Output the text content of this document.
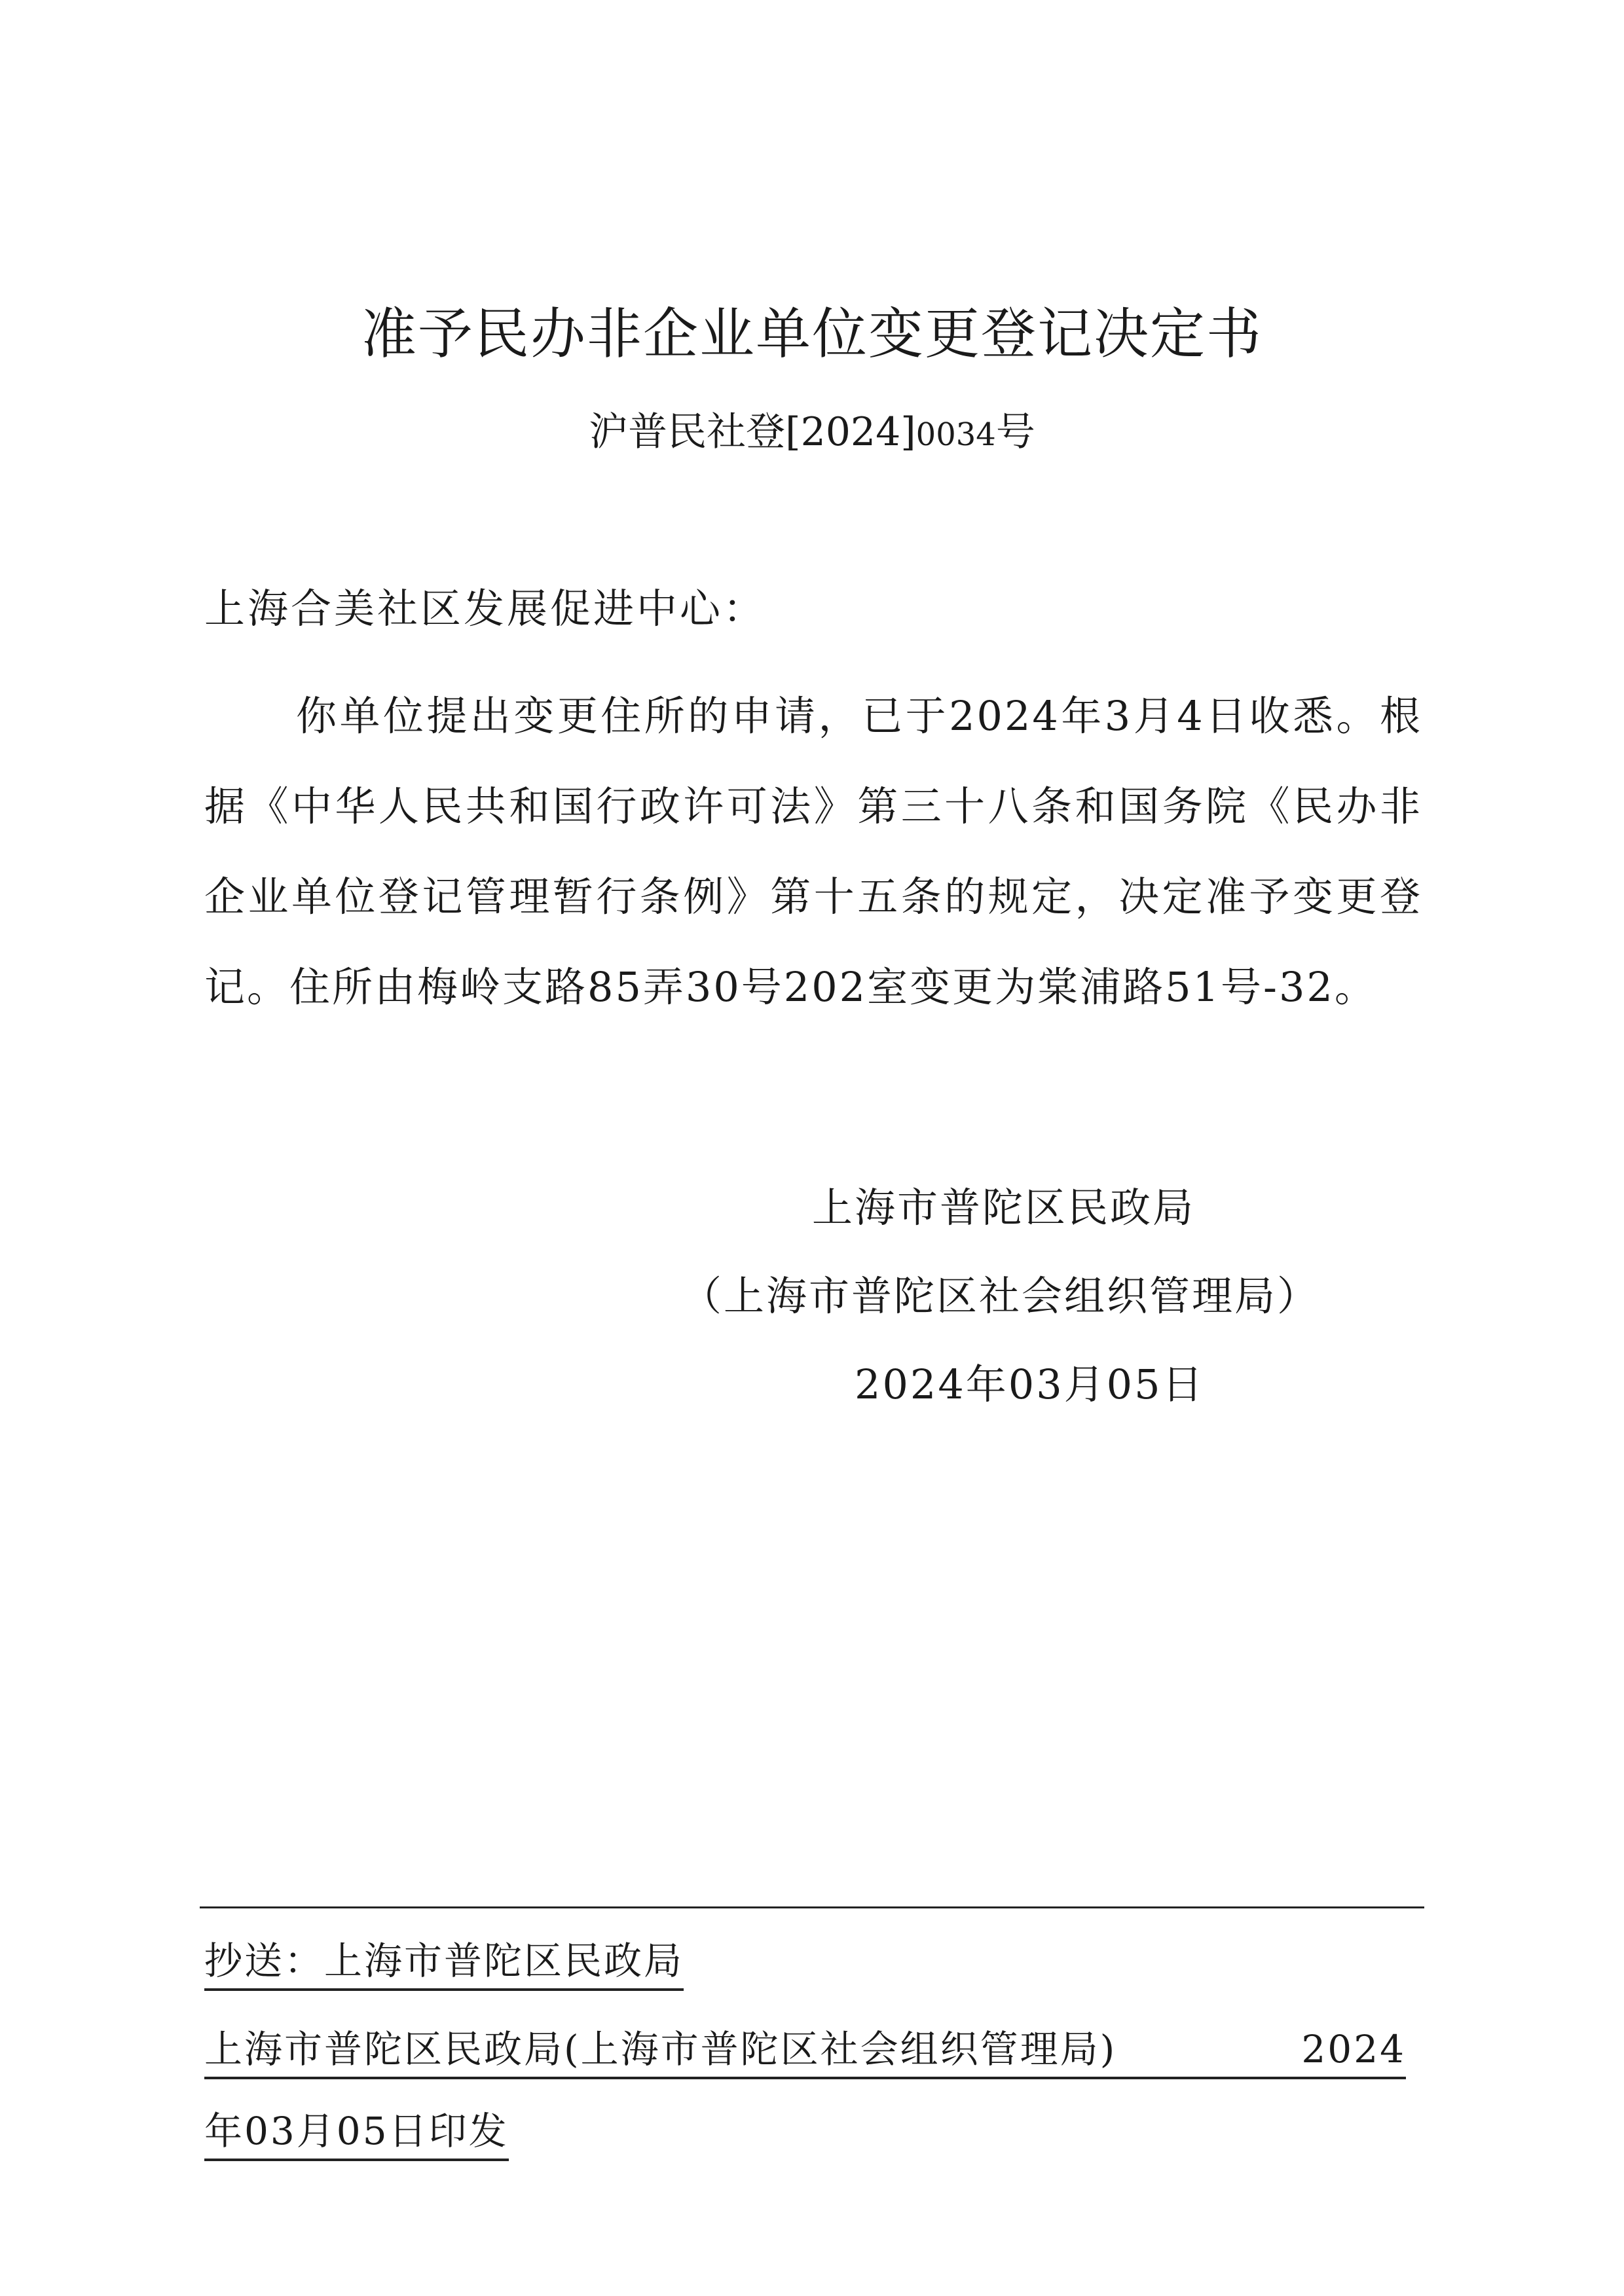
准予民办非企业单位变更登记决定书
沪普民社登[2024]0034号
上海合美社区发展促进中心：

你单位提出变更住所的申请，已于2024年3月4日收悉。根据《中华人民共和国行政许可法》第三十八条和国务院《民办非企业单位登记管理暂行条例》第十五条的规定，决定准予变更登记。住所由梅岭支路85弄30号202室变更为棠浦路51号-32。

上海市普陀区民政局
（上海市普陀区社会组织管理局）
2024年03月05日
抄送：上海市普陀区民政局
上海市普陀区民政局(上海市普陀区社会组织管理局)	2024
年03月05日印发
